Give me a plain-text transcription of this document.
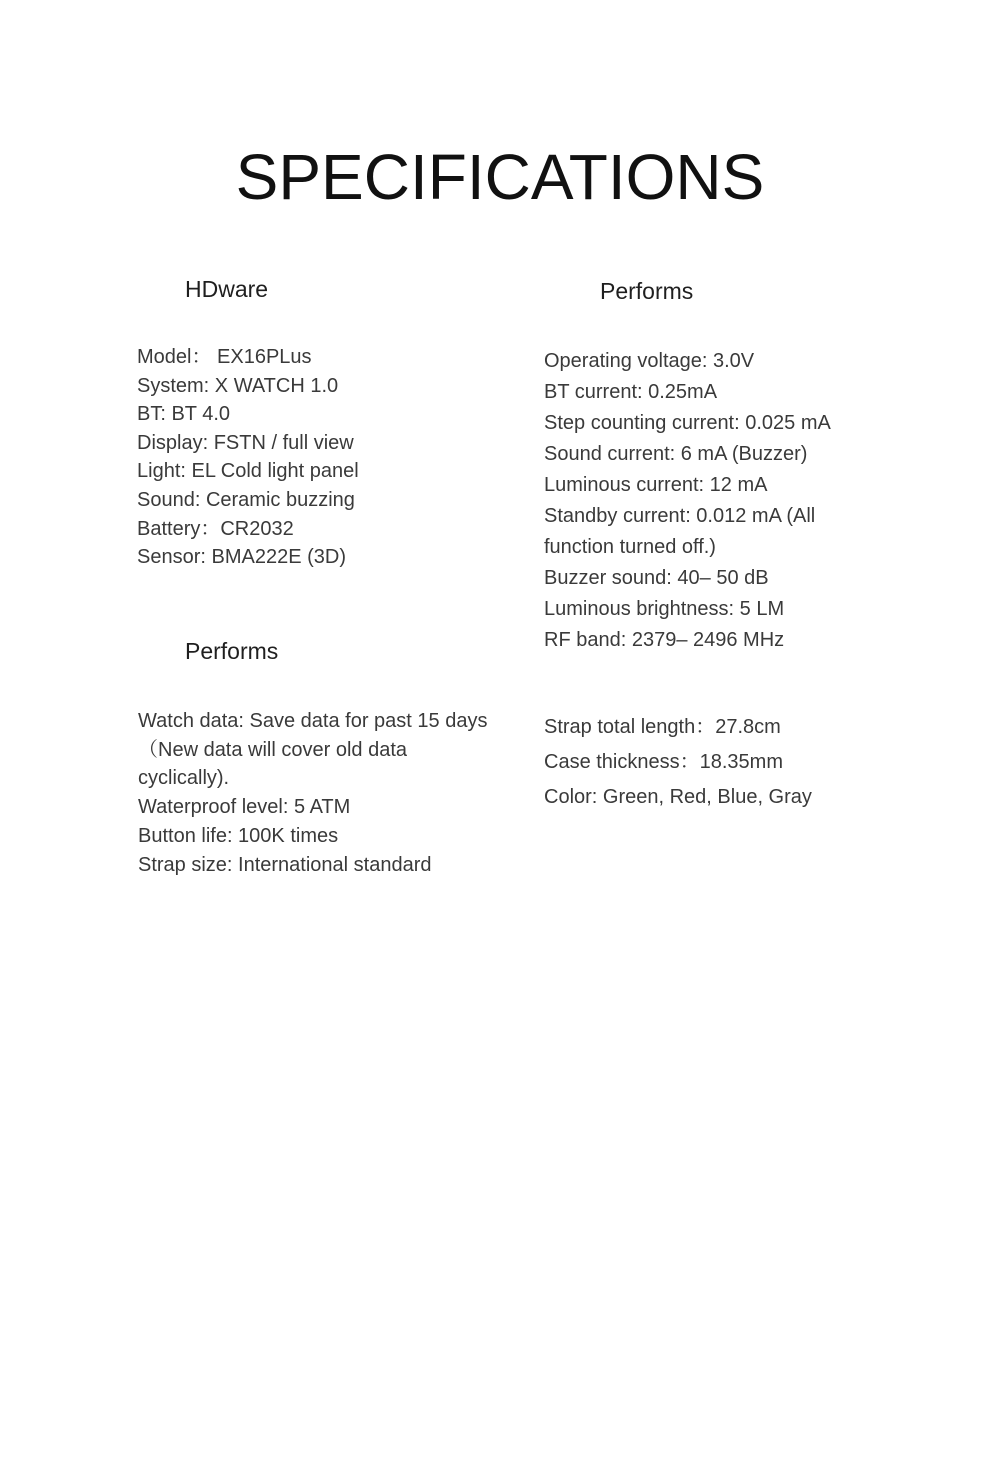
SPECIFICATIONS
HDware
Model： EX16PLus
System: X WATCH 1.0
BT: BT 4.0
Display: FSTN / full view
Light: EL Cold light panel
Sound: Ceramic buzzing
Battery：CR2032
Sensor: BMA222E (3D)
Performs
Operating voltage: 3.0V
BT current: 0.25mA
Step counting current: 0.025 mA
Sound current: 6 mA (Buzzer)
Luminous current: 12 mA
Standby current: 0.012 mA (All function turned off.)
Buzzer sound: 40– 50 dB
Luminous brightness: 5 LM
RF band: 2379– 2496 MHz
Performs
Watch data: Save data for past 15 days（New data will cover old data cyclically).
Waterproof level: 5 ATM
Button life: 100K times
Strap size: International standard
Strap total length：27.8cm
Case thickness：18.35mm
Color: Green, Red, Blue, Gray
